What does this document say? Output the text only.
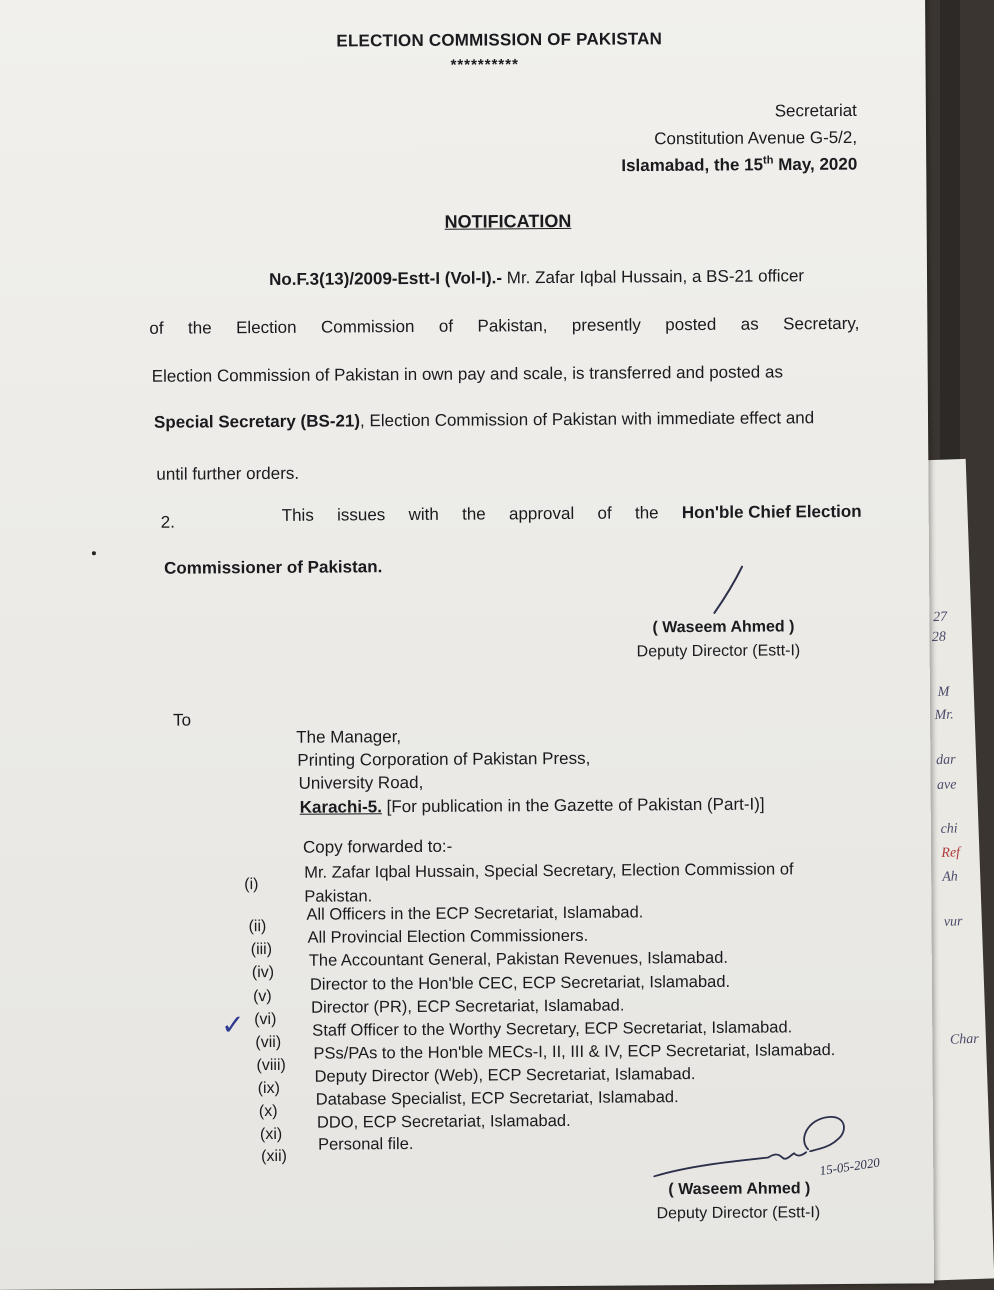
27
28
M
Mr.
dar
ave
chi
Ref
Ah
vur
Char
ELECTION COMMISSION OF PAKISTAN
**********
Secretariat
Constitution Avenue G-5/2,
Islamabad, the 15th May, 2020
NOTIFICATION
No.F.3(13)/2009-Estt-I (Vol-I).- Mr. Zafar Iqbal Hussain, a BS-21 officer
of the Election Commission of Pakistan, presently posted as Secretary,
Election Commission of Pakistan in own pay and scale, is transferred and posted as
Special Secretary (BS-21), Election Commission of Pakistan with immediate effect and
until further orders.
2.	This issues with the approval of the Hon'ble Chief Election
Commissioner of Pakistan.
( Waseem Ahmed )
Deputy Director (Estt-I)
To
The Manager,
Printing Corporation of Pakistan Press,
University Road,
Karachi-5. [For publication in the Gazette of Pakistan (Part-I)]
Copy forwarded to:-
✓
(i)
Mr. Zafar Iqbal Hussain, Special Secretary, Election Commission of
Pakistan.
(ii)
All Officers in the ECP Secretariat, Islamabad.
(iii)
All Provincial Election Commissioners.
(iv)
The Accountant General, Pakistan Revenues, Islamabad.
(v)
Director to the Hon'ble CEC, ECP Secretariat, Islamabad.
(vi)
Director (PR), ECP Secretariat, Islamabad.
(vii)
Staff Officer to the Worthy Secretary, ECP Secretariat, Islamabad.
(viii)
PSs/PAs to the Hon'ble MECs-I, II, III & IV, ECP Secretariat, Islamabad.
(ix)
Deputy Director (Web), ECP Secretariat, Islamabad.
(x)
Database Specialist, ECP Secretariat, Islamabad.
(xi)
DDO, ECP Secretariat, Islamabad.
(xii)
Personal file.
15-05-2020
( Waseem Ahmed )
Deputy Director (Estt-I)
